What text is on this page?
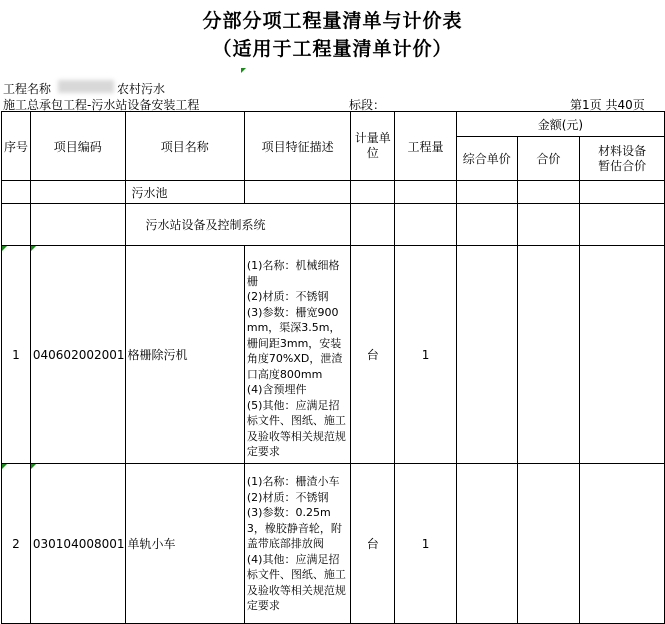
分部分项工程量清单与计价表
（适用于工程量清单计价）
工程名称	农村污水
施工总承包工程-污水站设备安装工程	标段：	第1页 共40页
序号	项目编码	项目名称	项目特征描述	计量单位	工程量	金额(元)		
						综合单价	合价	材料设备暂估合价
		污水池						
		污水站设备及控制系统						

1	040602002001	格栅除污机	(1)名称：机械细格栅
(2)材质：不锈钢
(3)参数：栅宽900mm，渠深3.5m，栅间距3mm，安装角度70%XD，泄渣口高度800mm
(4)含预埋件
(5)其他：应满足招标文件、图纸、施工及验收等相关规范规定要求	台	1			

2	030104008001	单轨小车	(1)名称：栅渣小车
(2)材质：不锈钢
(3)参数：0.25m3，橡胶静音轮，附盖带底部排放阀
(4)其他：应满足招标文件、图纸、施工及验收等相关规范规定要求	台	1			
